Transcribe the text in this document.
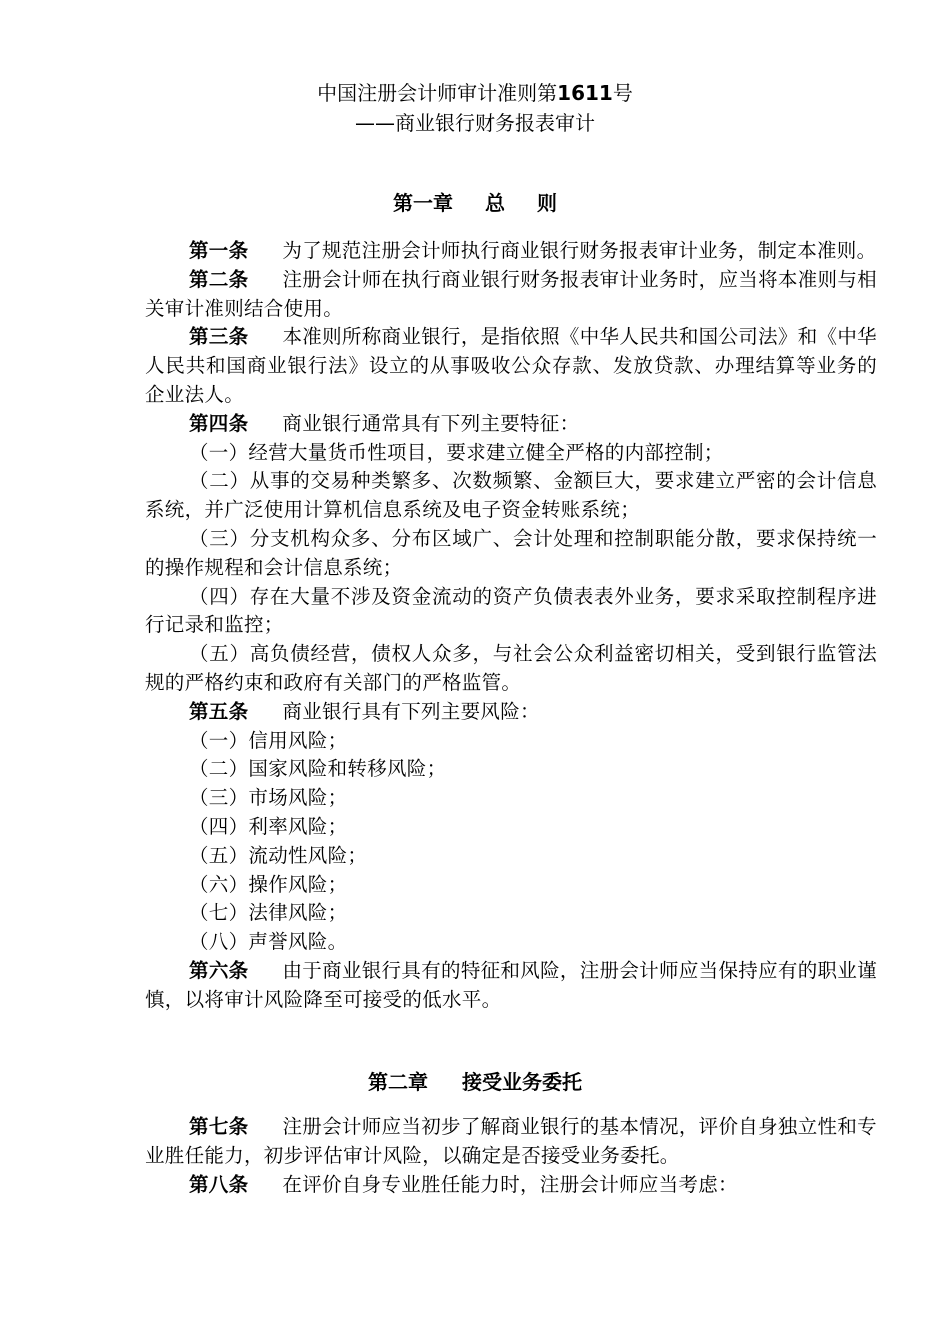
中国注册会计师审计准则第1611号
——商业银行财务报表审计
第一章 总 则

第一条 为了规范注册会计师执行商业银行财务报表审计业务，制定本准则。

第二条 注册会计师在执行商业银行财务报表审计业务时，应当将本准则与相关审计准则结合使用。

第三条 本准则所称商业银行，是指依照《中华人民共和国公司法》和《中华人民共和国商业银行法》设立的从事吸收公众存款、发放贷款、办理结算等业务的企业法人。

第四条 商业银行通常具有下列主要特征：

（一）经营大量货币性项目，要求建立健全严格的内部控制；

（二）从事的交易种类繁多、次数频繁、金额巨大，要求建立严密的会计信息系统，并广泛使用计算机信息系统及电子资金转账系统；

（三）分支机构众多、分布区域广、会计处理和控制职能分散，要求保持统一的操作规程和会计信息系统；

（四）存在大量不涉及资金流动的资产负债表表外业务，要求采取控制程序进行记录和监控；

（五）高负债经营，债权人众多，与社会公众利益密切相关，受到银行监管法规的严格约束和政府有关部门的严格监管。

第五条 商业银行具有下列主要风险：

（一）信用风险；

（二）国家风险和转移风险；

（三）市场风险；

（四）利率风险；

（五）流动性风险；

（六）操作风险；

（七）法律风险；

（八）声誉风险。

第六条 由于商业银行具有的特征和风险，注册会计师应当保持应有的职业谨慎，以将审计风险降至可接受的低水平。

第二章 接受业务委托

第七条 注册会计师应当初步了解商业银行的基本情况，评价自身独立性和专业胜任能力，初步评估审计风险，以确定是否接受业务委托。

第八条 在评价自身专业胜任能力时，注册会计师应当考虑：
